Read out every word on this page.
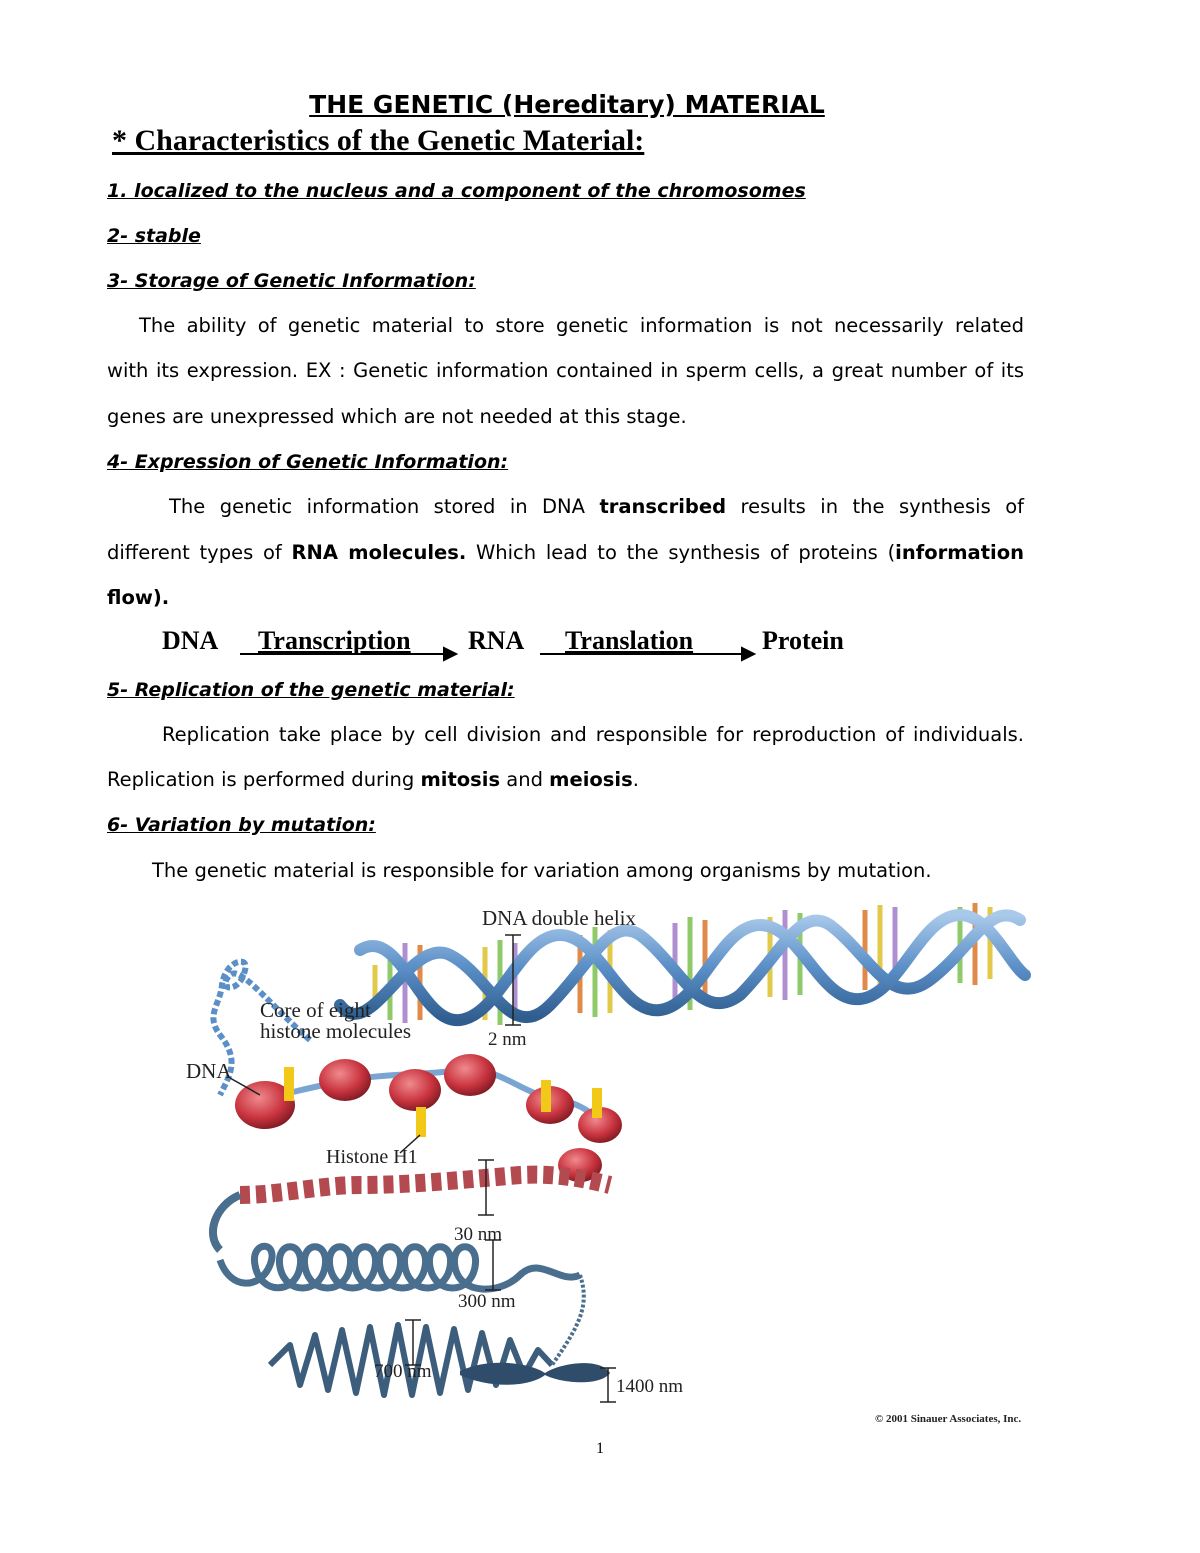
THE GENETIC (Hereditary) MATERIAL
* Characteristics of the Genetic Material:
1. localized to the nucleus and a component of the chromosomes
2- stable
3- Storage of Genetic Information:
The ability of genetic material to store genetic information is not necessarily related
with its expression. EX : Genetic information contained in sperm cells, a great number of its
genes are unexpressed which are not needed at this stage.
4- Expression of Genetic Information:
The genetic information stored in DNA transcribed results in the synthesis of
different types of RNA molecules. Which lead to the synthesis of proteins (information
flow).
DNA Transcription RNA Translation	Protein
5- Replication of the genetic material:
Replication take place by cell division and responsible for reproduction of individuals.
Replication is performed during mitosis and meiosis.
6- Variation by mutation:
The genetic material is responsible for variation among organisms by mutation.
DNA double helix
Core of eight
histone molecules
DNA
2 nm
Histone H1
30 nm
300 nm
700 nm
1400 nm
© 2001 Sinauer Associates, Inc.
1
